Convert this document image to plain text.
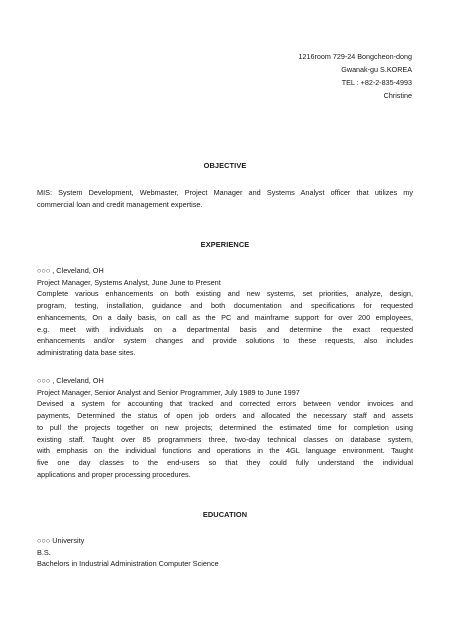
1216room 729-24 Bongcheon-dong
Gwanak-gu S.KOREA
TEL : +82-2-835-4993
Christine
OBJECTIVE
MIS: System Development, Webmaster, Project Manager and Systems Analyst officer that utilizes my
commercial loan and credit management expertise.
EXPERIENCE
○○○ , Cleveland, OH
Project Manager, Systems Analyst, June June to Present
Complete various enhancements on both existing and new systems, set priorities, analyze, design,
program, testing, installation, guidance and both documentation and specifications for requested
enhancements, On a daily basis, on call as the PC and mainframe support for over 200 employees,
e.g. meet with individuals on a departmental basis and determine the exact requested
enhancements and/or system changes and provide solutions to these requests, also includes
administrating data base sites.
○○○ , Cleveland, OH
Project Manager, Senior Analyst and Senior Programmer, July 1989 to June 1997
Devised a system for accounting that tracked and corrected errors between vendor invoices and
payments, Determined the status of open job orders and allocated the necessary staff and assets
to pull the projects together on new projects; determined the estimated time for completion using
existing staff. Taught over 85 programmers three, two-day technical classes on database system,
with emphasis on the individual functions and operations in the 4GL language environment. Taught
five one day classes to the end-users so that they could fully understand the individual
applications and proper processing procedures.
EDUCATION
○○○ University
B.S.
Bachelors in Industrial Administration Computer Science
